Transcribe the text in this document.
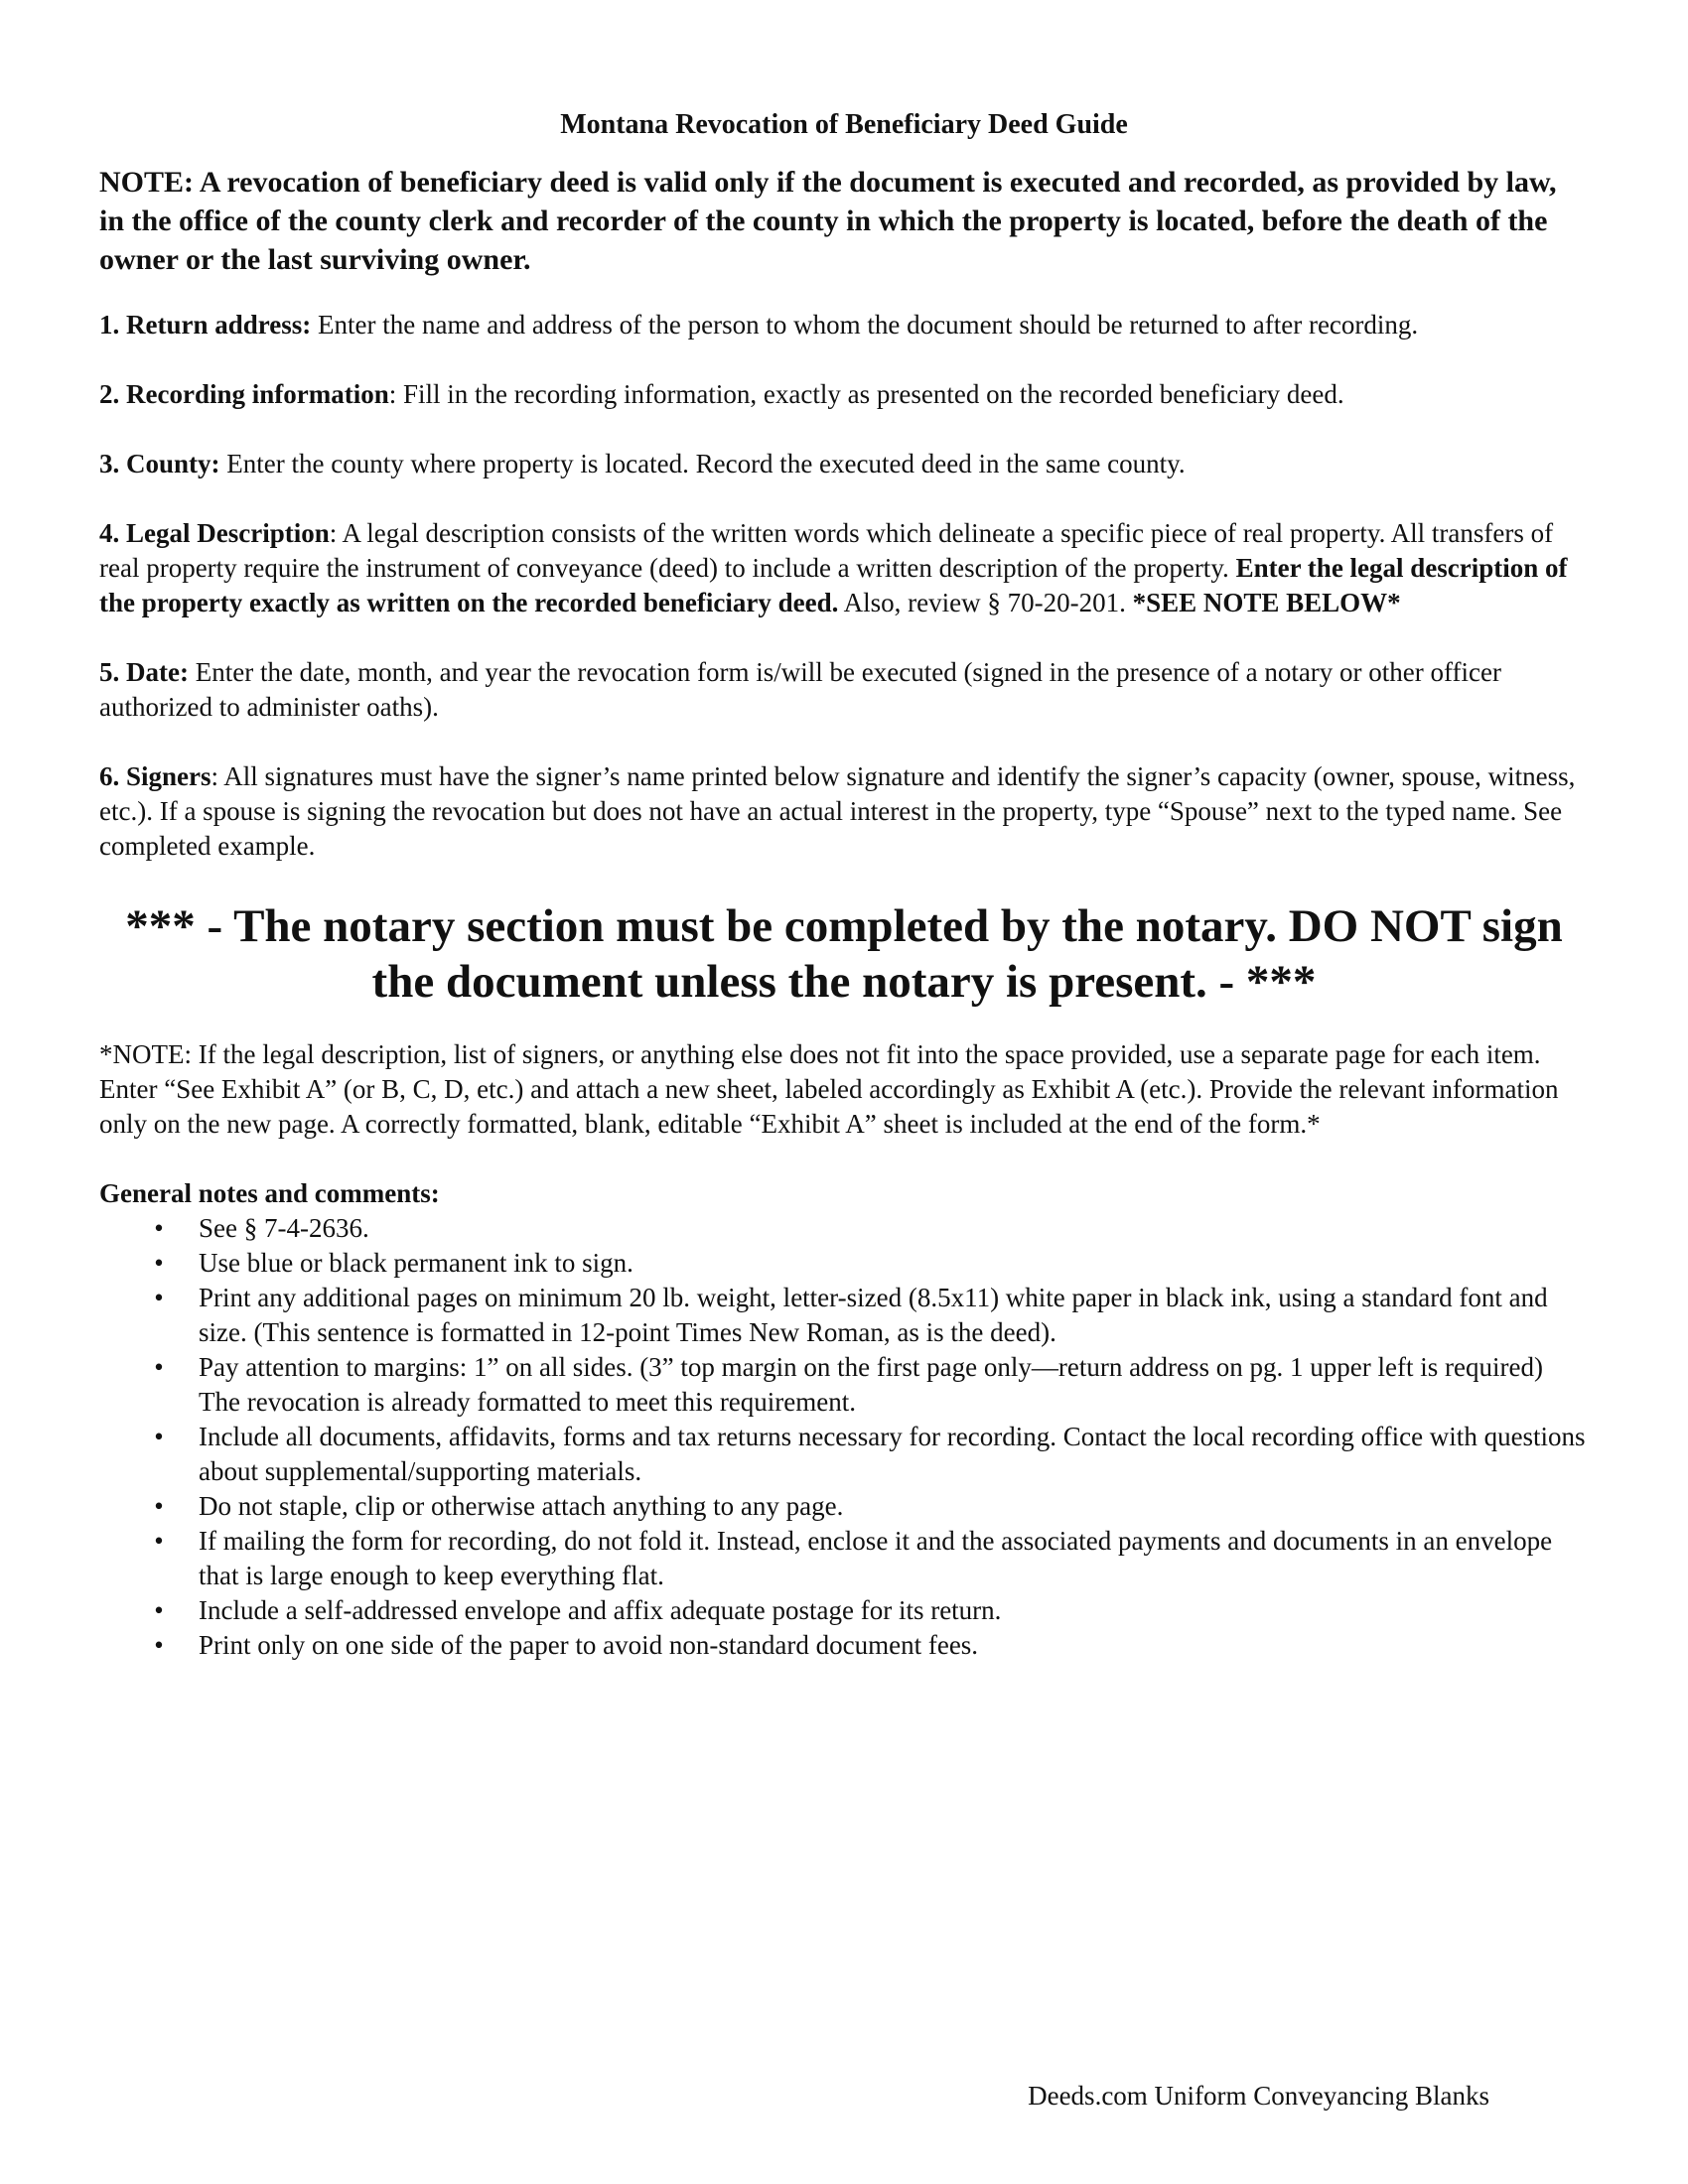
Montana Revocation of Beneficiary Deed Guide
NOTE: A revocation of beneficiary deed is valid only if the document is executed and recorded, as provided by law, in the office of the county clerk and recorder of the county in which the property is located, before the death of the owner or the last surviving owner.
1. Return address: Enter the name and address of the person to whom the document should be returned to after recording.
2. Recording information: Fill in the recording information, exactly as presented on the recorded beneficiary deed.
3. County: Enter the county where property is located. Record the executed deed in the same county.
4. Legal Description: A legal description consists of the written words which delineate a specific piece of real property. All transfers of real property require the instrument of conveyance (deed) to include a written description of the property. Enter the legal description of the property exactly as written on the recorded beneficiary deed. Also, review § 70-20-201. *SEE NOTE BELOW*
5. Date: Enter the date, month, and year the revocation form is/will be executed (signed in the presence of a notary or other officer authorized to administer oaths).
6. Signers: All signatures must have the signer’s name printed below signature and identify the signer’s capacity (owner, spouse, witness, etc.). If a spouse is signing the revocation but does not have an actual interest in the property, type “Spouse” next to the typed name. See completed example.
*** - The notary section must be completed by the notary. DO NOT sign the document unless the notary is present. - ***
*NOTE: If the legal description, list of signers, or anything else does not fit into the space provided, use a separate page for each item. Enter “See Exhibit A” (or B, C, D, etc.) and attach a new sheet, labeled accordingly as Exhibit A (etc.). Provide the relevant information only on the new page. A correctly formatted, blank, editable “Exhibit A” sheet is included at the end of the form.*
General notes and comments:
• See § 7-4-2636.
• Use blue or black permanent ink to sign.
• Print any additional pages on minimum 20 lb. weight, letter-sized (8.5x11) white paper in black ink, using a standard font and size. (This sentence is formatted in 12-point Times New Roman, as is the deed).
• Pay attention to margins: 1” on all sides. (3” top margin on the first page only—return address on pg. 1 upper left is required) The revocation is already formatted to meet this requirement.
• Include all documents, affidavits, forms and tax returns necessary for recording. Contact the local recording office with questions about supplemental/supporting materials.
• Do not staple, clip or otherwise attach anything to any page.
• If mailing the form for recording, do not fold it. Instead, enclose it and the associated payments and documents in an envelope that is large enough to keep everything flat.
• Include a self-addressed envelope and affix adequate postage for its return.
• Print only on one side of the paper to avoid non-standard document fees.
Deeds.com Uniform Conveyancing Blanks
